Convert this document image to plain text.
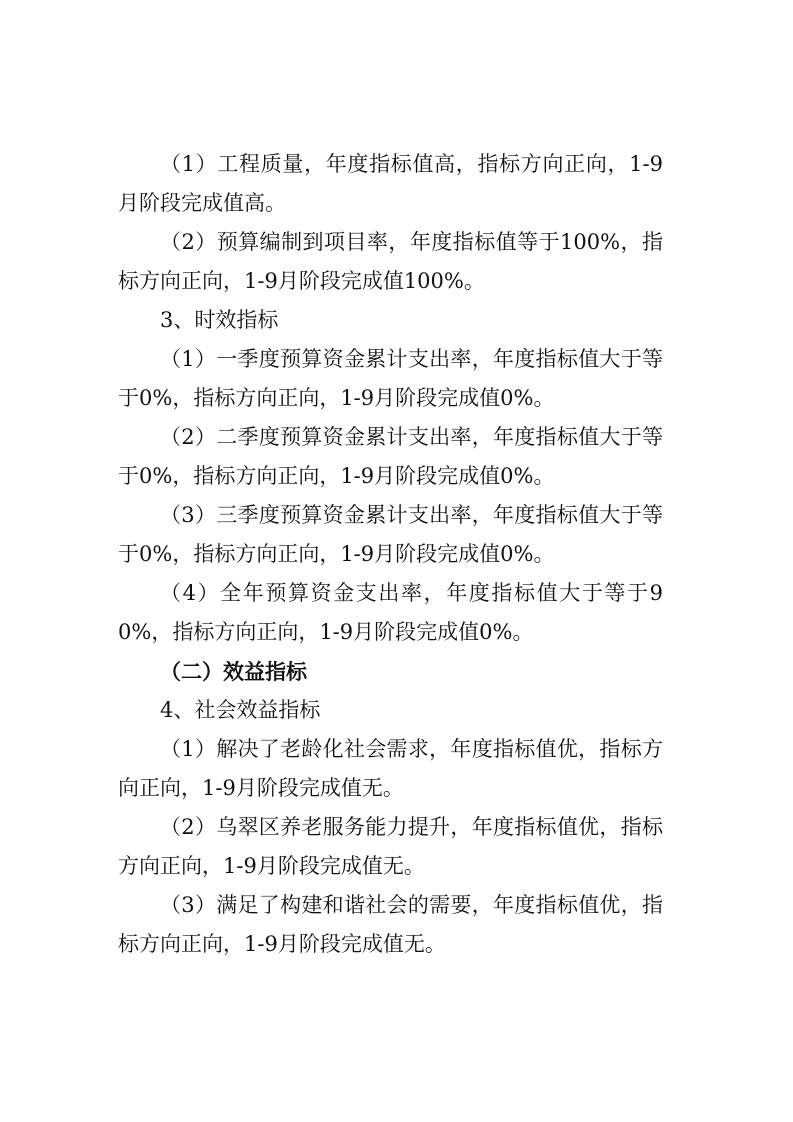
（1）工程质量，年度指标值高，指标方向正向，1-9月阶段完成值高。

（2）预算编制到项目率，年度指标值等于100%，指标方向正向，1-9月阶段完成值100%。

3、时效指标

（1）一季度预算资金累计支出率，年度指标值大于等于0%，指标方向正向，1-9月阶段完成值0%。

（2）二季度预算资金累计支出率，年度指标值大于等于0%，指标方向正向，1-9月阶段完成值0%。

（3）三季度预算资金累计支出率，年度指标值大于等于0%，指标方向正向，1-9月阶段完成值0%。

（4）全年预算资金支出率，年度指标值大于等于90%，指标方向正向，1-9月阶段完成值0%。

（二）效益指标

4、社会效益指标

（1）解决了老龄化社会需求，年度指标值优，指标方向正向，1-9月阶段完成值无。

（2）乌翠区养老服务能力提升，年度指标值优，指标方向正向，1-9月阶段完成值无。

（3）满足了构建和谐社会的需要，年度指标值优，指标方向正向，1-9月阶段完成值无。
